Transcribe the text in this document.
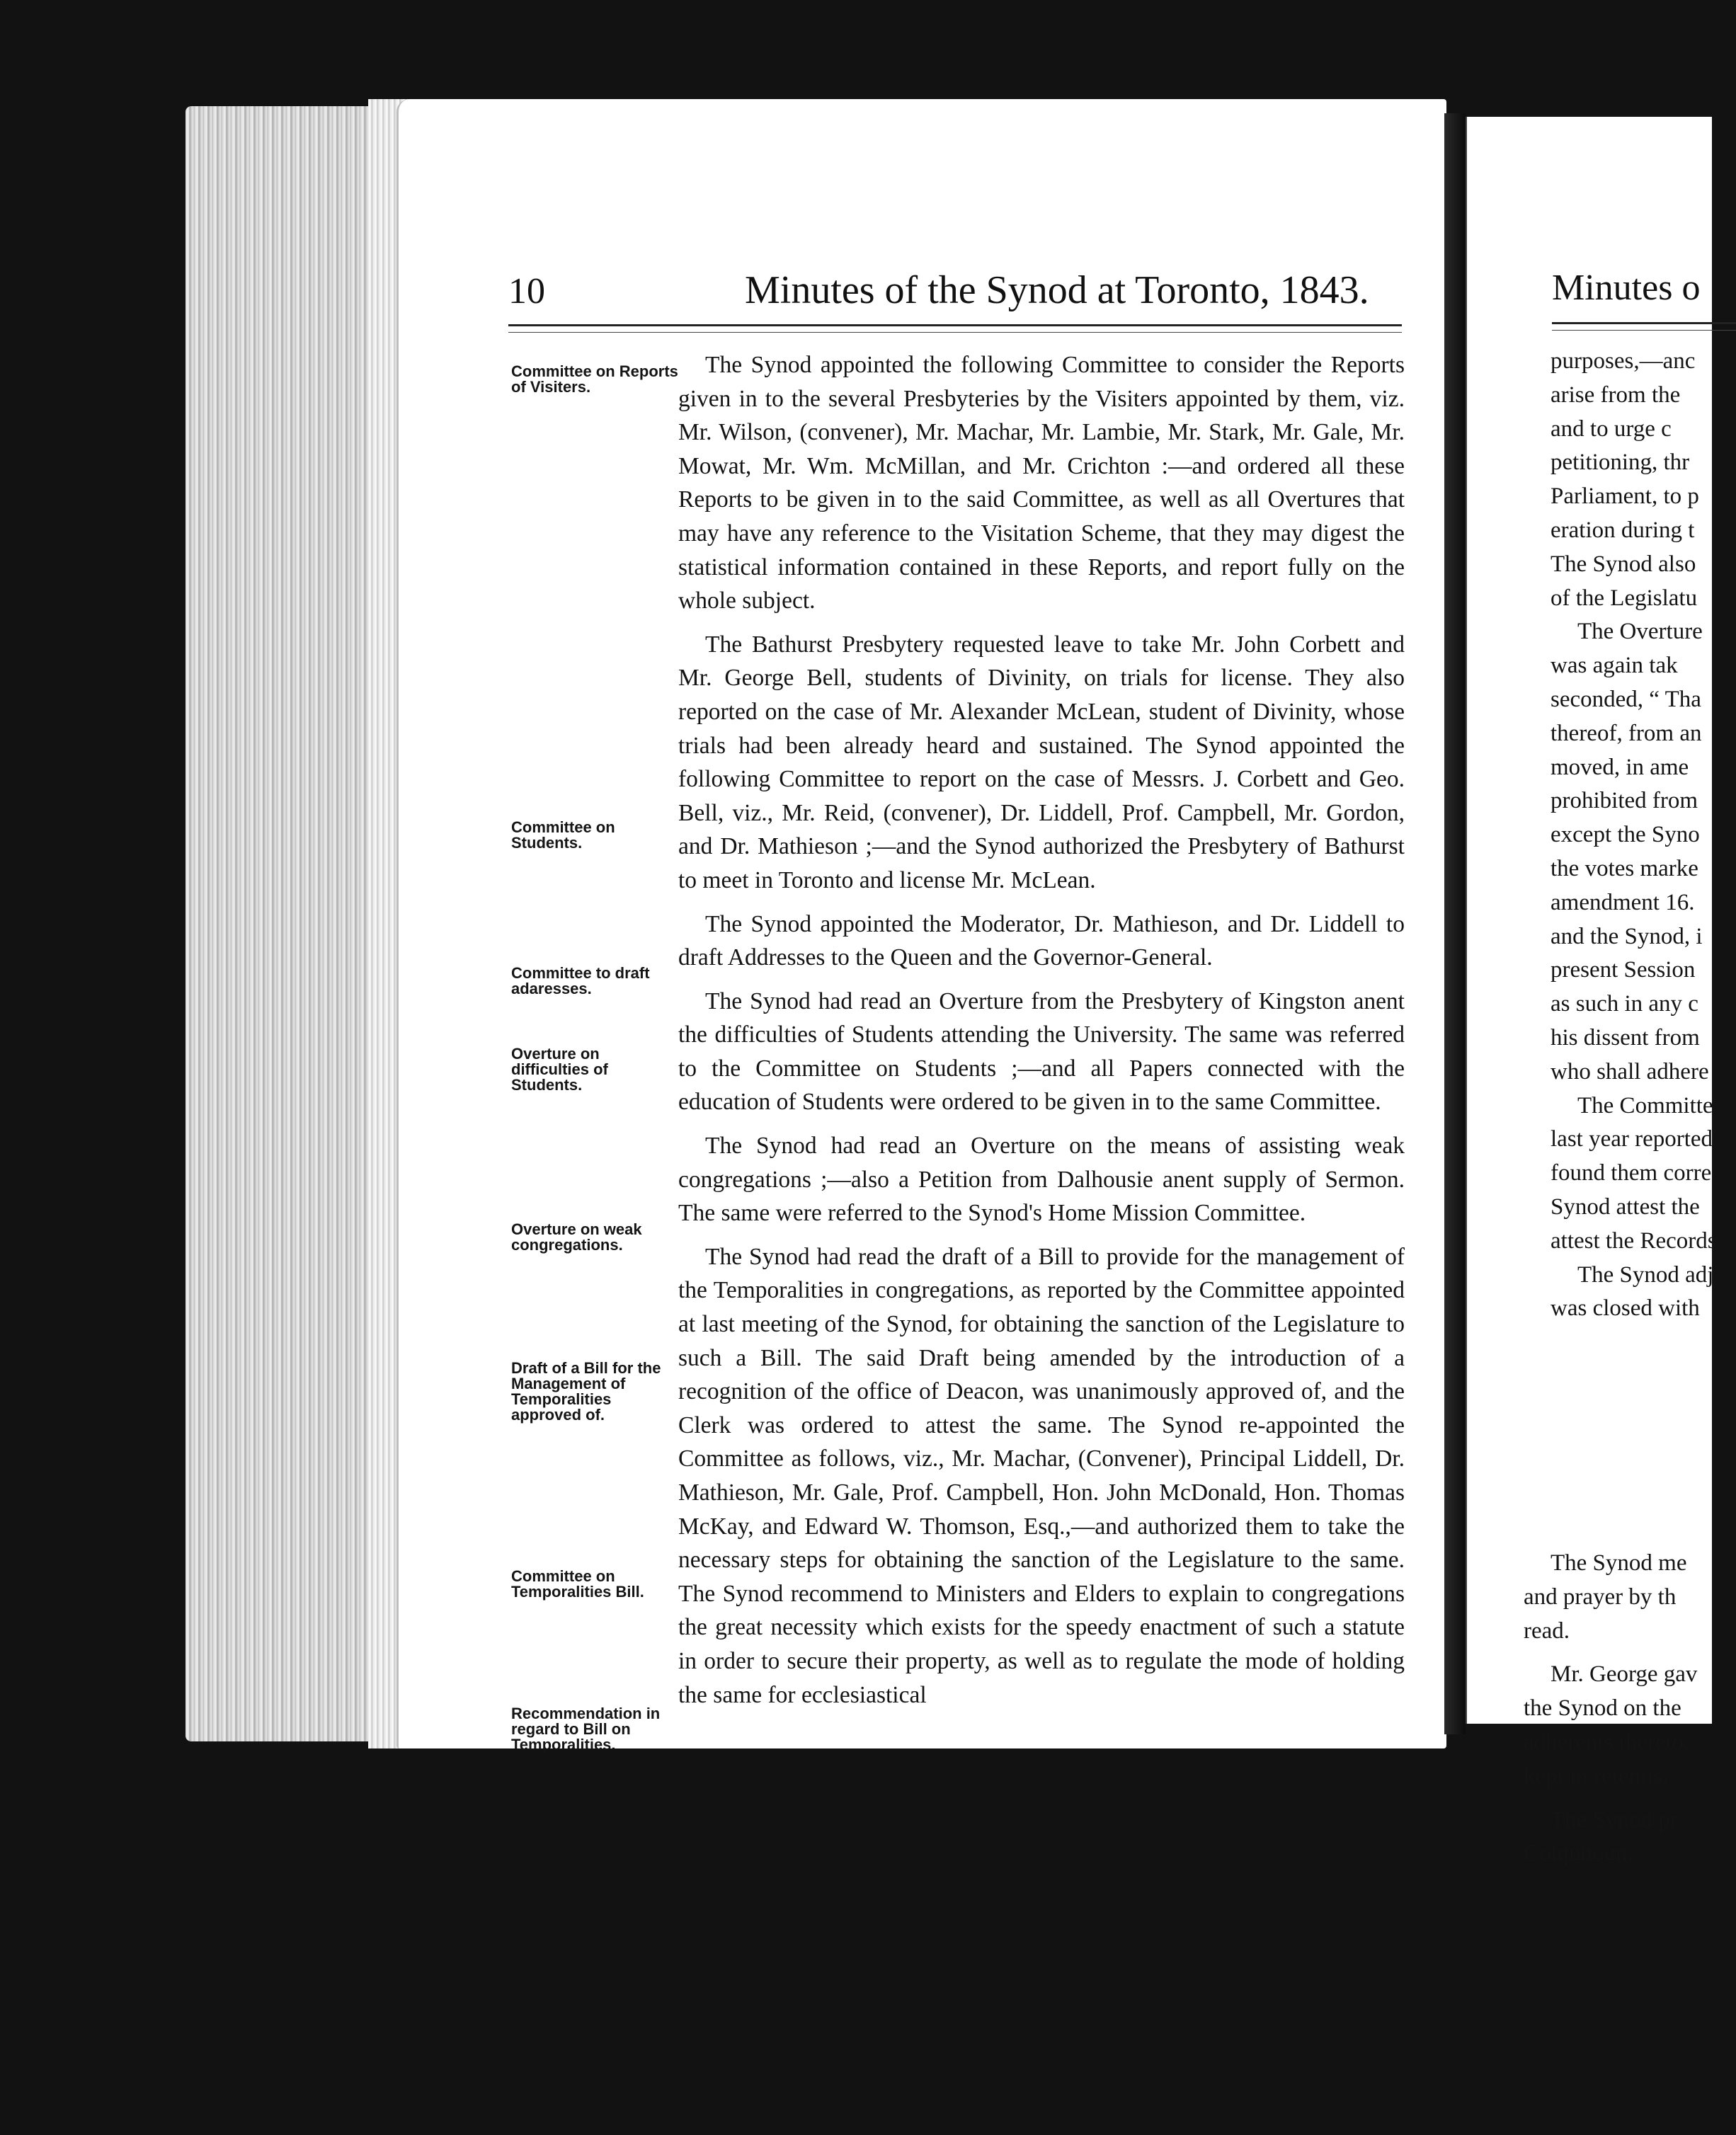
10	Minutes of the Synod at Toronto, 1843.
Committee on Reports of Visiters.
Committee on Students.
Committee to draft adaresses.
Overture on difficulties of Students.
Overture on weak congregations.
Draft of a Bill for the Management of Temporalities approved of.
Committee on Temporalities Bill.
Recommendation in regard to Bill on Temporalities.

The Synod appointed the following Committee to consider the Reports given in to the several Presbyteries by the Visiters appointed by them, viz. Mr. Wilson, (convener), Mr. Machar, Mr. Lambie, Mr. Stark, Mr. Gale, Mr. Mowat, Mr. Wm. McMillan, and Mr. Crichton :—and ordered all these Reports to be given in to the said Committee, as well as all Overtures that may have any reference to the Visitation Scheme, that they may digest the statistical information contained in these Reports, and report fully on the whole subject.

The Bathurst Presbytery requested leave to take Mr. John Corbett and Mr. George Bell, students of Divinity, on trials for license. They also reported on the case of Mr. Alexander McLean, student of Divinity, whose trials had been already heard and sustained. The Synod appointed the following Committee to report on the case of Messrs. J. Corbett and Geo. Bell, viz., Mr. Reid, (convener), Dr. Liddell, Prof. Campbell, Mr. Gordon, and Dr. Mathieson ;—and the Synod authorized the Presbytery of Bathurst to meet in Toronto and license Mr. McLean.

The Synod appointed the Moderator, Dr. Mathieson, and Dr. Liddell to draft Addresses to the Queen and the Governor-General.

The Synod had read an Overture from the Presbytery of Kingston anent the difficulties of Students attending the University. The same was referred to the Committee on Students ;—and all Papers connected with the education of Students were ordered to be given in to the same Committee.

The Synod had read an Overture on the means of assisting weak congregations ;—also a Petition from Dalhousie anent supply of Sermon. The same were referred to the Synod's Home Mission Committee.

The Synod had read the draft of a Bill to provide for the management of the Temporalities in congregations, as reported by the Committee appointed at last meeting of the Synod, for obtaining the sanction of the Legislature to such a Bill. The said Draft being amended by the introduction of a recognition of the office of Deacon, was unanimously approved of, and the Clerk was ordered to attest the same. The Synod re-appointed the Committee as follows, viz., Mr. Machar, (Convener), Principal Liddell, Dr. Mathieson, Mr. Gale, Prof. Campbell, Hon. John McDonald, Hon. Thomas McKay, and Edward W. Thomson, Esq.,—and authorized them to take the necessary steps for obtaining the sanction of the Legislature to the same. The Synod recommend to Ministers and Elders to explain to congregations the great necessity which exists for the speedy enactment of such a statute in order to secure their property, as well as to regulate the mode of holding the same for ecclesiastical

Minutes o
purposes,—anc
arise from the
and to urge c
petitioning, thr
Parliament, to p
eration during t
The Synod also
of the Legislatu
The Overture
was again tak
seconded, “ Tha
thereof, from an
moved, in ame
prohibited from
except the Syno
the votes marke
amendment 16.
and the Synod, i
present Session
as such in any c
his dissent from
who shall adhere
The Committe
last year reported
found them corre
Synod attest the
attest the Records
The Synod adj
was closed with
The Synod me
and prayer by th
read.
Mr. George gav
the Synod on the
adherents thereto.
kept in retentis.
The Synod pr
Colquhoun.
